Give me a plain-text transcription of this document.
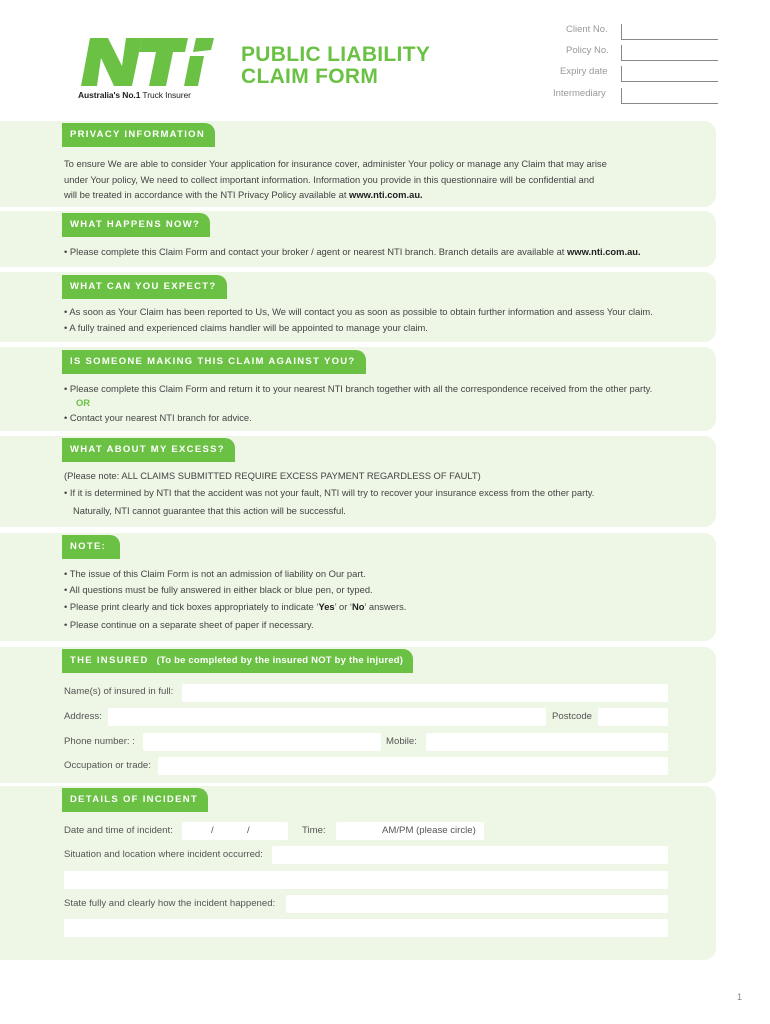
Australia's No.1 Truck Insurer
PUBLIC LIABILITY
CLAIM FORM
Client No.
Policy No.
Expiry date
Intermediary
PRIVACY INFORMATION
To ensure We are able to consider Your application for insurance cover, administer Your policy or manage any Claim that may arise
under Your policy, We need to collect important information. Information you provide in this questionnaire will be confidential and
will be treated in accordance with the NTI Privacy Policy available at www.nti.com.au.
WHAT HAPPENS NOW?
• Please complete this Claim Form and contact your broker / agent or nearest NTI branch. Branch details are available at www.nti.com.au.
WHAT CAN YOU EXPECT?
• As soon as Your Claim has been reported to Us, We will contact you as soon as possible to obtain further information and assess Your claim.
• A fully trained and experienced claims handler will be appointed to manage your claim.
IS SOMEONE MAKING THIS CLAIM AGAINST YOU?
• Please complete this Claim Form and return it to your nearest NTI branch together with all the correspondence received from the other party.
OR
• Contact your nearest NTI branch for advice.
WHAT ABOUT MY EXCESS?
(Please note: ALL CLAIMS SUBMITTED REQUIRE EXCESS PAYMENT REGARDLESS OF FAULT)
• If it is determined by NTI that the accident was not your fault, NTI will try to recover your insurance excess from the other party.
Naturally, NTI cannot guarantee that this action will be successful.
NOTE:
• The issue of this Claim Form is not an admission of liability on Our part.
• All questions must be fully answered in either black or blue pen, or typed.
• Please print clearly and tick boxes appropriately to indicate ‘Yes’ or ‘No’ answers.
• Please continue on a separate sheet of paper if necessary.
THE INSURED (To be completed by the insured NOT by the injured)
Name(s) of insured in full:
Address:	Postcode
Phone number: :	Mobile:
Occupation or trade:
DETAILS OF INCIDENT
Date and time of incident:	/	/	Time:	AM/PM (please circle)
Situation and location where incident occurred:
State fully and clearly how the incident happened:
1
